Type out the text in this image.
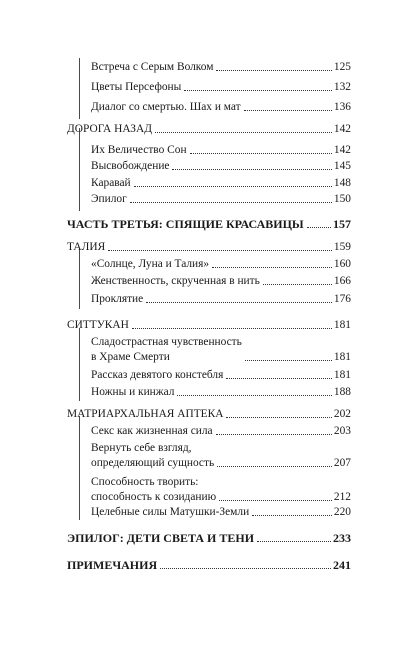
Встреча с Серым Волком	125
Цветы Персефоны	132
Диалог со смертью. Шах и мат	136
ДОРОГА НАЗАД	142
Их Величество Сон	142
Высвобождение	145
Каравай	148
Эпилог	150
ЧАСТЬ ТРЕТЬЯ: СПЯЩИЕ КРАСАВИЦЫ 157
ТАЛИЯ	159
«Солнце, Луна и Талия»	160
Женственность, скрученная в нить	166
Проклятие	176
СИТТУКАН	181
Сладострастная чувственность
в Храме Смерти	181
Рассказ девятого констебля	181
Ножны и кинжал	188
МАТРИАРХАЛЬНАЯ АПТЕКА	202
Секс как жизненная сила	203
Вернуть себе взгляд,
определяющий сущность	207
Способность творить:
способность к созиданию	212
Целебные силы Матушки-Земли	220
ЭПИЛОГ: ДЕТИ СВЕТА И ТЕНИ	233
ПРИМЕЧАНИЯ	241
